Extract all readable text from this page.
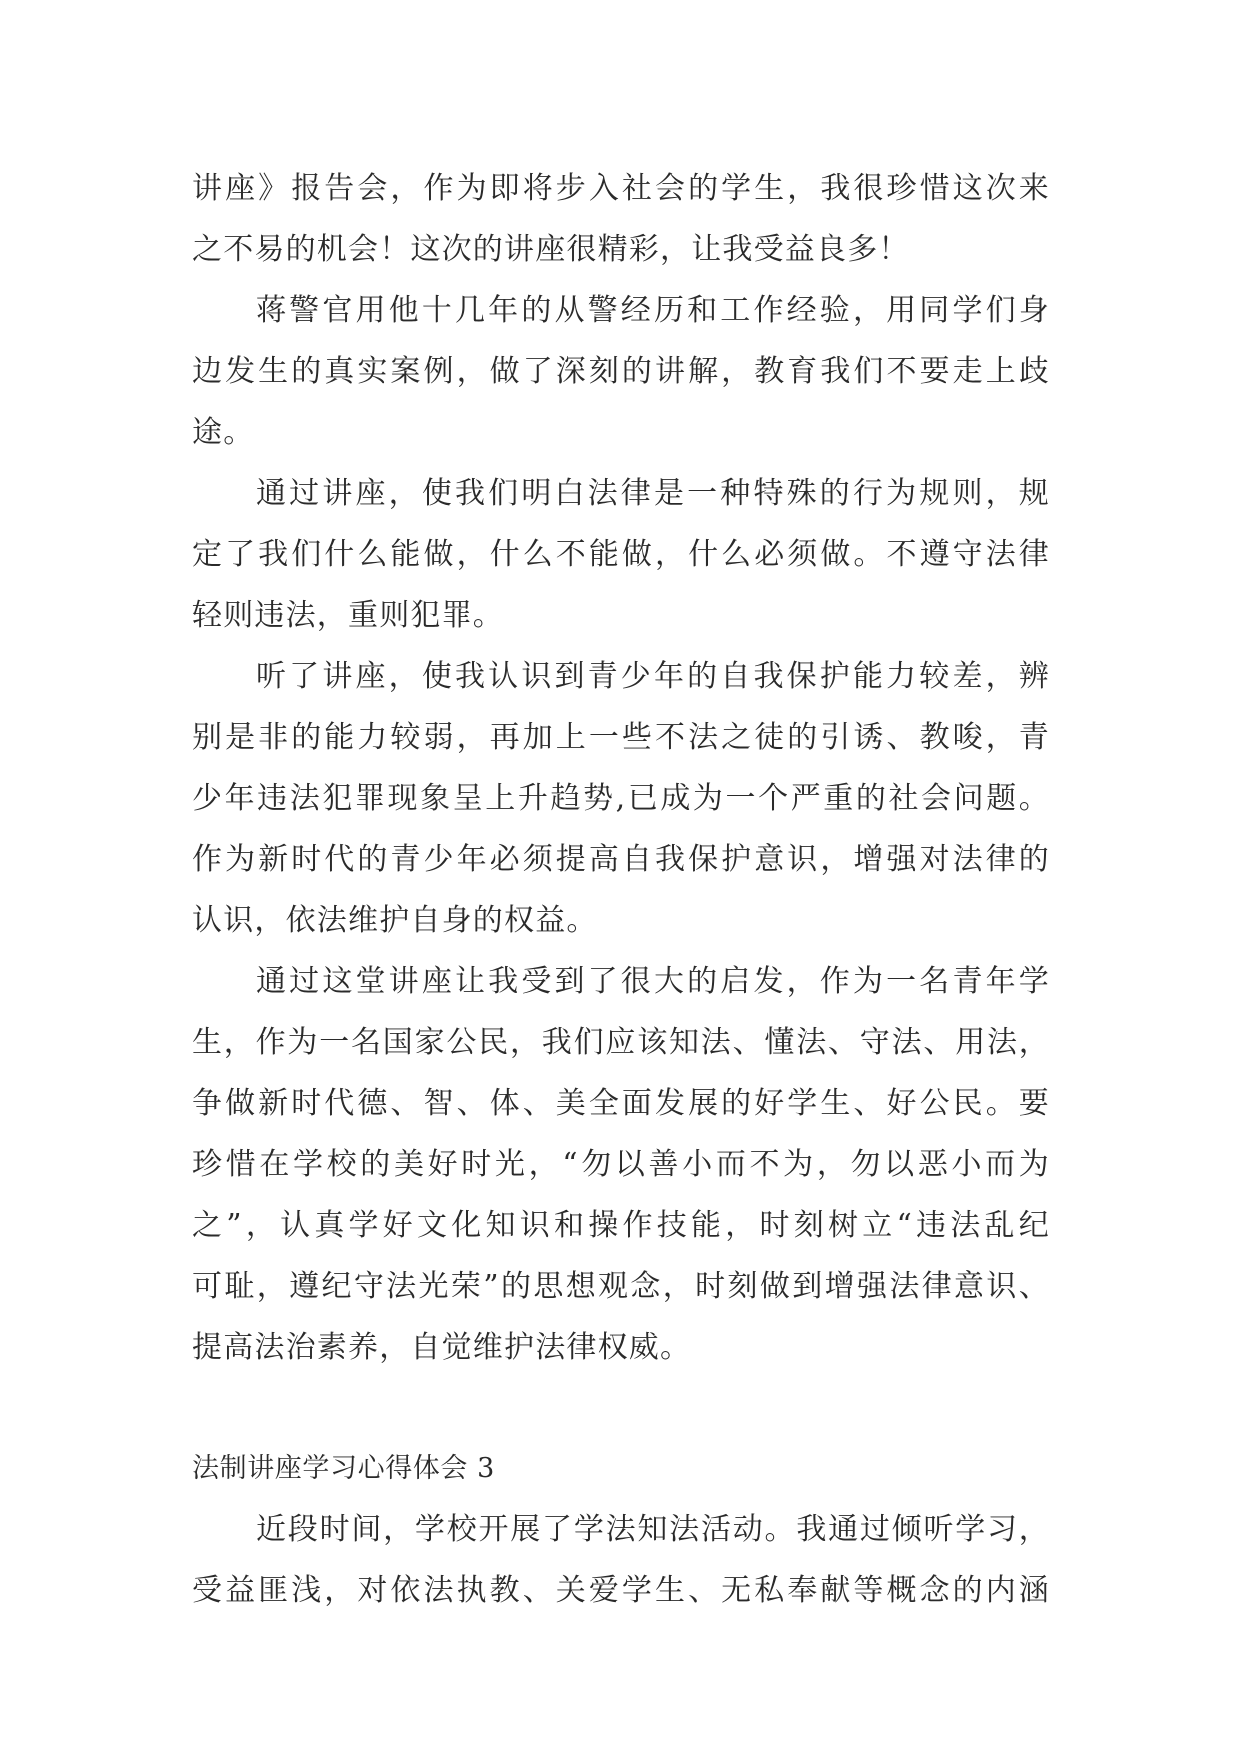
讲座》报告会，作为即将步入社会的学生，我很珍惜这次来
之不易的机会！这次的讲座很精彩，让我受益良多！
蒋警官用他十几年的从警经历和工作经验，用同学们身
边发生的真实案例，做了深刻的讲解，教育我们不要走上歧
途。
通过讲座，使我们明白法律是一种特殊的行为规则，规
定了我们什么能做，什么不能做，什么必须做。不遵守法律
轻则违法，重则犯罪。
听了讲座，使我认识到青少年的自我保护能力较差，辨
别是非的能力较弱，再加上一些不法之徒的引诱、教唆，青
少年违法犯罪现象呈上升趋势,已成为一个严重的社会问题。
作为新时代的青少年必须提高自我保护意识，增强对法律的
认识，依法维护自身的权益。
通过这堂讲座让我受到了很大的启发，作为一名青年学
生，作为一名国家公民，我们应该知法、懂法、守法、用法，
争做新时代德、智、体、美全面发展的好学生、好公民。要
珍惜在学校的美好时光，“勿以善小而不为，勿以恶小而为
之”，认真学好文化知识和操作技能，时刻树立“违法乱纪
可耻，遵纪守法光荣”的思想观念，时刻做到增强法律意识、
提高法治素养，自觉维护法律权威。
法制讲座学习心得体会 3
近段时间，学校开展了学法知法活动。我通过倾听学习，
受益匪浅，对依法执教、关爱学生、无私奉献等概念的内涵
